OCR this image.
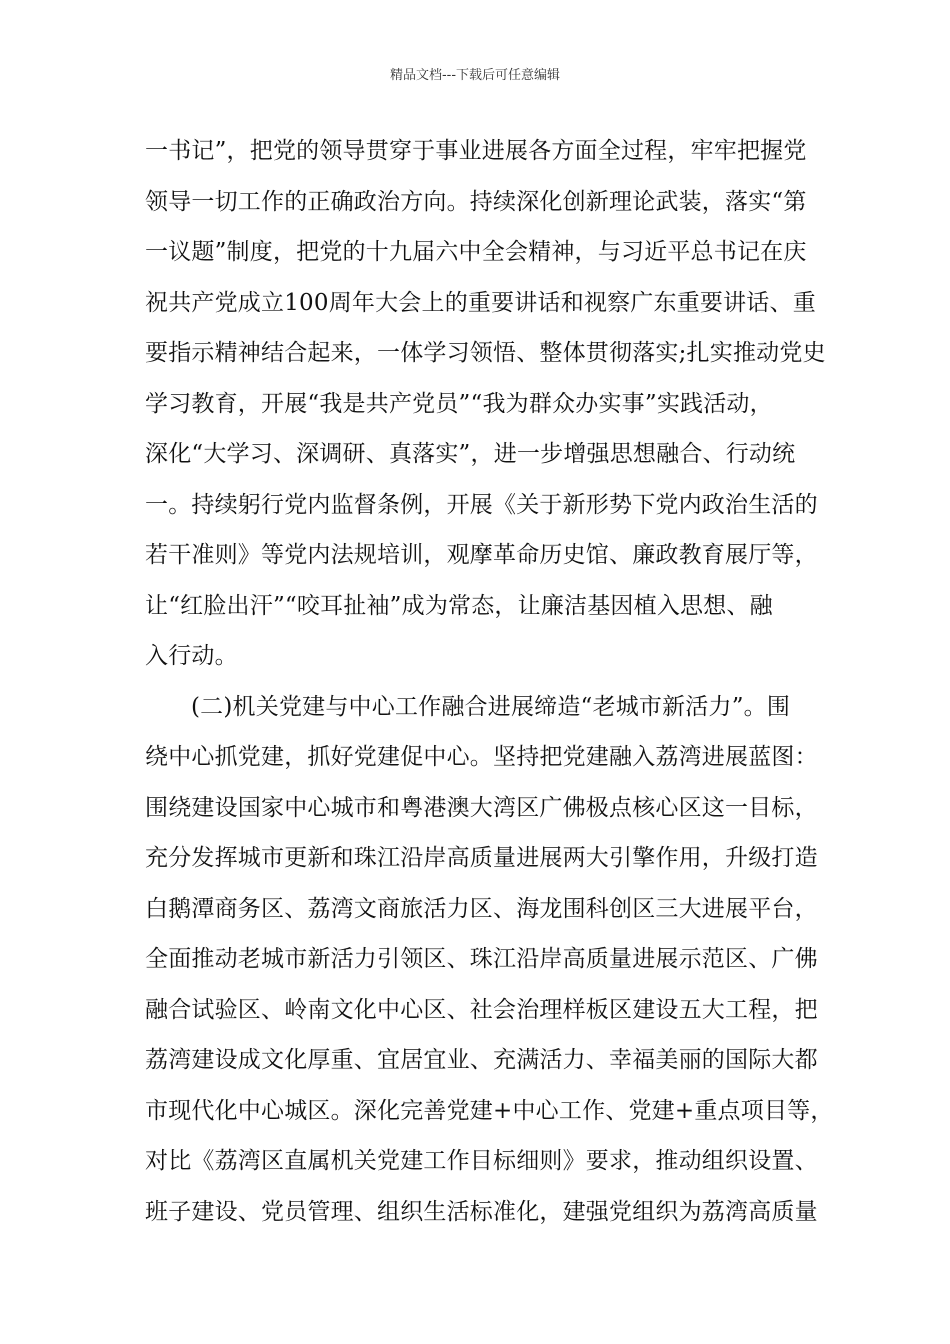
精品文档---下载后可任意编辑
一书记”，把党的领导贯穿于事业进展各方面全过程，牢牢把握党
领导一切工作的正确政治方向。持续深化创新理论武装，落实“第
一议题”制度，把党的十九届六中全会精神，与习近平总书记在庆
祝共产党成立100周年大会上的重要讲话和视察广东重要讲话、重
要指示精神结合起来，一体学习领悟、整体贯彻落实;扎实推动党史
学习教育，开展“我是共产党员”“我为群众办实事”实践活动，
深化“大学习、深调研、真落实”，进一步增强思想融合、行动统
一。持续躬行党内监督条例，开展《关于新形势下党内政治生活的
若干准则》等党内法规培训，观摩革命历史馆、廉政教育展厅等，
让“红脸出汗”“咬耳扯袖”成为常态，让廉洁基因植入思想、融
入行动。
(二)机关党建与中心工作融合进展缔造“老城市新活力”。围
绕中心抓党建，抓好党建促中心。坚持把党建融入荔湾进展蓝图：
围绕建设国家中心城市和粤港澳大湾区广佛极点核心区这一目标，
充分发挥城市更新和珠江沿岸高质量进展两大引擎作用，升级打造
白鹅潭商务区、荔湾文商旅活力区、海龙围科创区三大进展平台，
全面推动老城市新活力引领区、珠江沿岸高质量进展示范区、广佛
融合试验区、岭南文化中心区、社会治理样板区建设五大工程，把
荔湾建设成文化厚重、宜居宜业、充满活力、幸福美丽的国际大都
市现代化中心城区。深化完善党建+中心工作、党建+重点项目等，
对比《荔湾区直属机关党建工作目标细则》要求，推动组织设置、
班子建设、党员管理、组织生活标准化，建强党组织为荔湾高质量
